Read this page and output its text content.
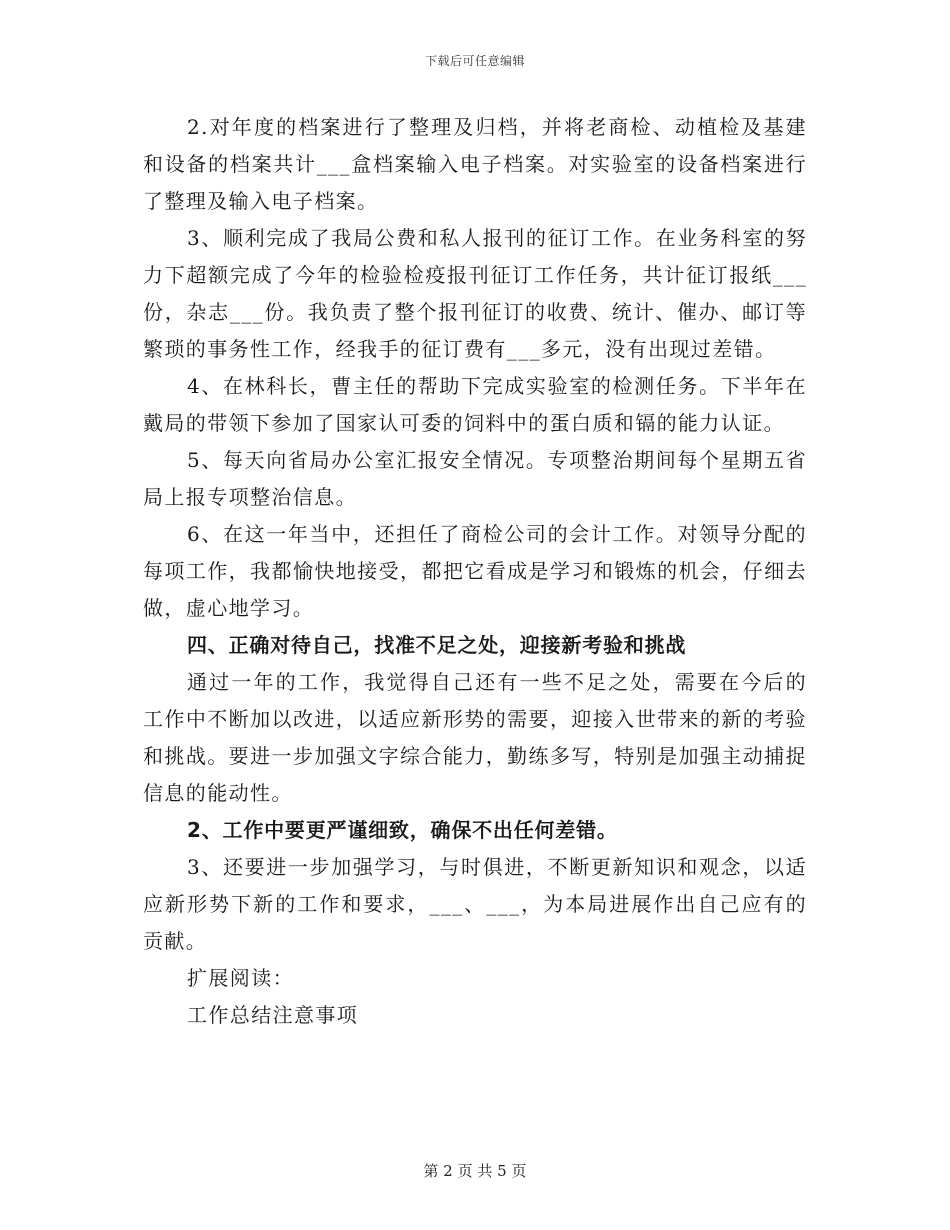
下载后可任意编辑

2.对年度的档案进行了整理及归档，并将老商检、动植检及基建和设备的档案共计___盒档案输入电子档案。对实验室的设备档案进行了整理及输入电子档案。

3、顺利完成了我局公费和私人报刊的征订工作。在业务科室的努力下超额完成了今年的检验检疫报刊征订工作任务，共计征订报纸___份，杂志___份。我负责了整个报刊征订的收费、统计、催办、邮订等繁琐的事务性工作，经我手的征订费有___多元，没有出现过差错。

4、在林科长，曹主任的帮助下完成实验室的检测任务。下半年在戴局的带领下参加了国家认可委的饲料中的蛋白质和镉的能力认证。

5、每天向省局办公室汇报安全情况。专项整治期间每个星期五省局上报专项整治信息。

6、在这一年当中，还担任了商检公司的会计工作。对领导分配的每项工作，我都愉快地接受，都把它看成是学习和锻炼的机会，仔细去做，虚心地学习。

四、正确对待自己，找准不足之处，迎接新考验和挑战

通过一年的工作，我觉得自己还有一些不足之处，需要在今后的工作中不断加以改进，以适应新形势的需要，迎接入世带来的新的考验和挑战。要进一步加强文字综合能力，勤练多写，特别是加强主动捕捉信息的能动性。

2、工作中要更严谨细致，确保不出任何差错。

3、还要进一步加强学习，与时俱进，不断更新知识和观念，以适应新形势下新的工作和要求，___、___，为本局进展作出自己应有的贡献。

扩展阅读：

工作总结注意事项

第 2 页 共 5 页
